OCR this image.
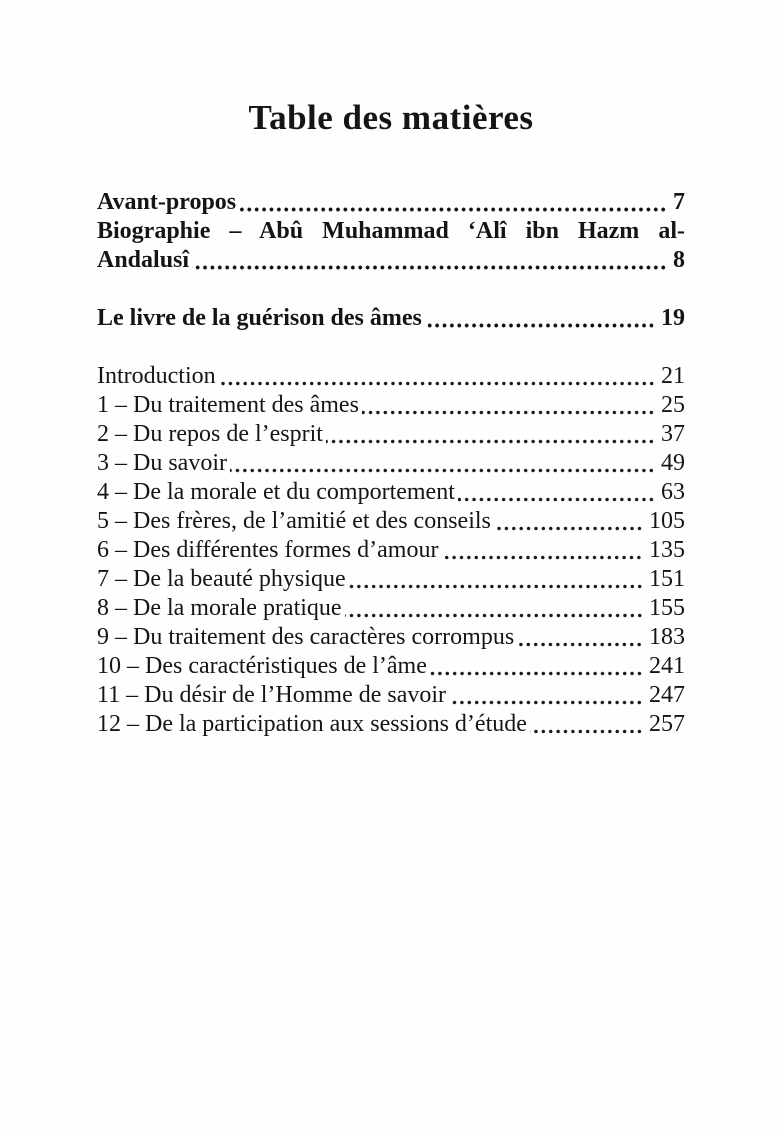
Table des matières
Avant-propos	7
Biographie – Abû Muhammad ‘Alî ibn Hazm al-
Andalusî	8
Le livre de la guérison des âmes	19
Introduction	21
1 – Du traitement des âmes	25
2 – Du repos de l’esprit	37
3 – Du savoir	49
4 – De la morale et du comportement	63
5 – Des frères, de l’amitié et des conseils	105
6 – Des différentes formes d’amour	135
7 – De la beauté physique	151
8 – De la morale pratique	155
9 – Du traitement des caractères corrompus	183
10 – Des caractéristiques de l’âme	241
11 – Du désir de l’Homme de savoir	247
12 – De la participation aux sessions d’étude	257
